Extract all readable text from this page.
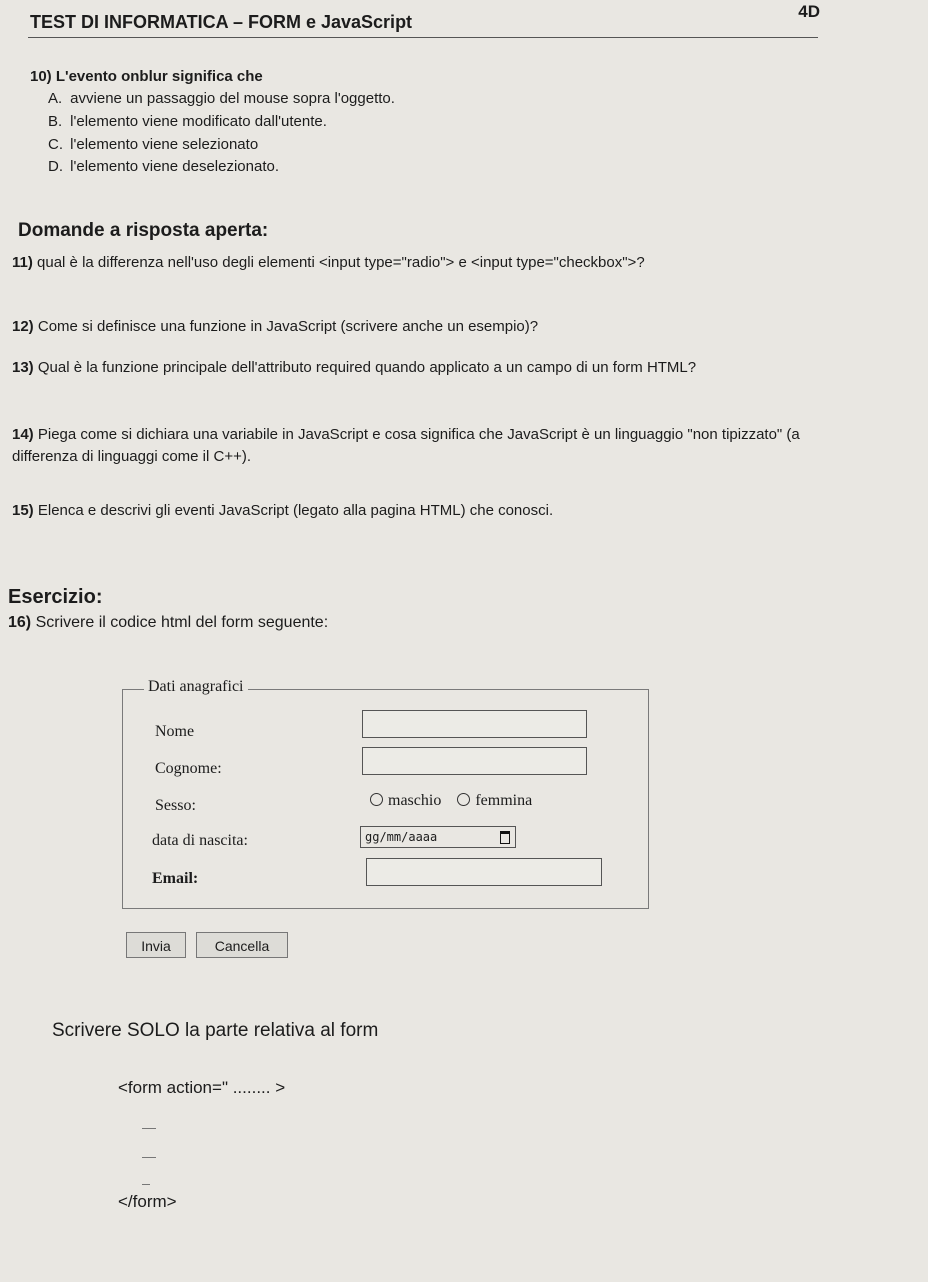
4D
TEST DI INFORMATICA – FORM e JavaScript
10) L'evento onblur significa che
A. avviene un passaggio del mouse sopra l'oggetto.
B. l'elemento viene modificato dall'utente.
C. l'elemento viene selezionato
D. l'elemento viene deselezionato.
Domande a risposta aperta:
11) qual è la differenza nell'uso degli elementi <input type="radio"> e <input type="checkbox">?
12) Come si definisce una funzione in JavaScript (scrivere anche un esempio)?
13) Qual è la funzione principale dell'attributo required quando applicato a un campo di un form HTML?
14) Piega come si dichiara una variabile in JavaScript e cosa significa che JavaScript è un linguaggio "non tipizzato" (a differenza di linguaggi come il C++).
15) Elenca e descrivi gli eventi JavaScript (legato alla pagina HTML) che conosci.
Esercizio:
16) Scrivere il codice html del form seguente:
Dati anagrafici
Nome
Cognome:
Sesso:	maschio femmina
data di nascita:	gg/mm/aaaa
Email:
Invia	Cancella
Scrivere SOLO la parte relativa al form
<form action=" ........ >
</form>
